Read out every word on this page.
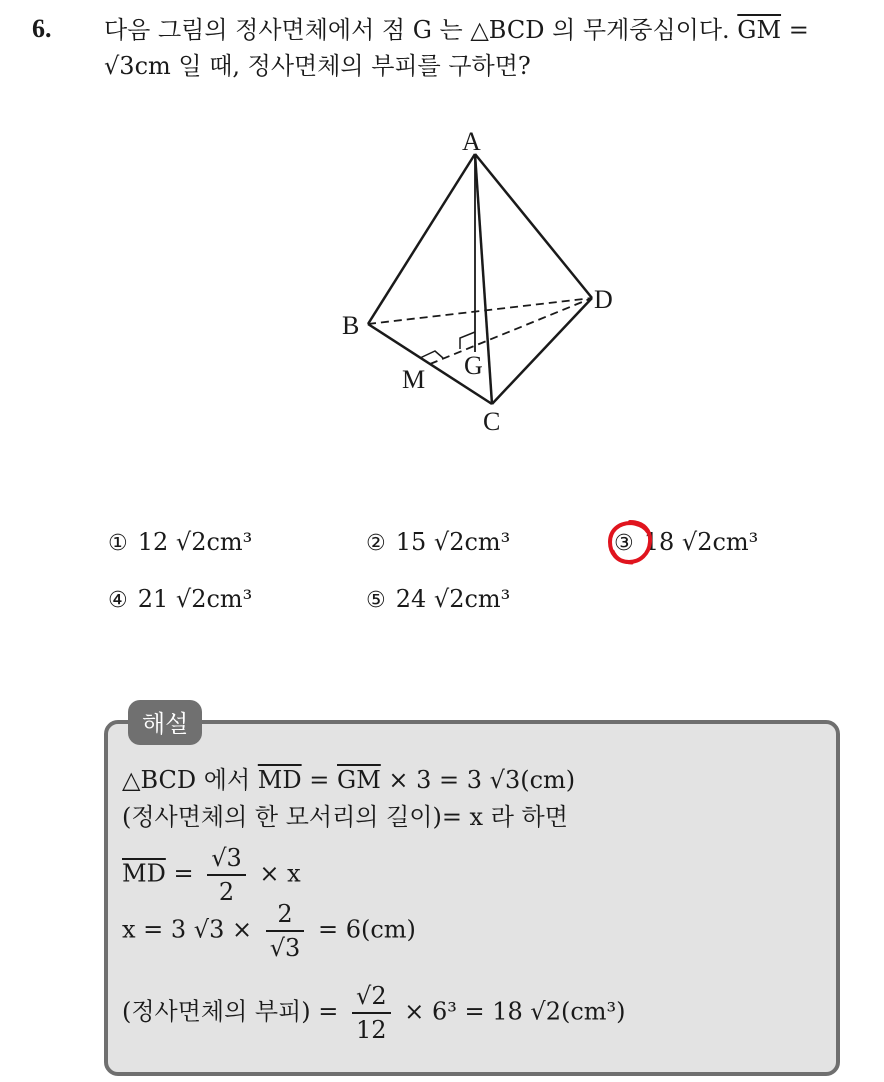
6. 다음 그림의 정사면체에서 점 G 는 △BCD 의 무게중심이다. $\overline{GM}$ =
√3cm 일 때, 정사면체의 부피를 구하면?
A
B
C
D
G
M
① 12 √2cm³	② 15 √2cm³	③ 18 √2cm³
④ 21 √2cm³	⑤ 24 √2cm³
해설
△BCD 에서 $\overline{MD} = \overline{GM} \times 3 = 3$ √3(cm)
(정사면체의 한 모서리의 길이)= x 라 하면
$\overline{MD} = \frac{√3}{2} \times x$
x = 3 $√3 \times \frac{2}{√3} = 6(cm)$
(정사면체의 부피) = $\frac{√2}{12} \times 6^3 = 18$ √2(cm³)
